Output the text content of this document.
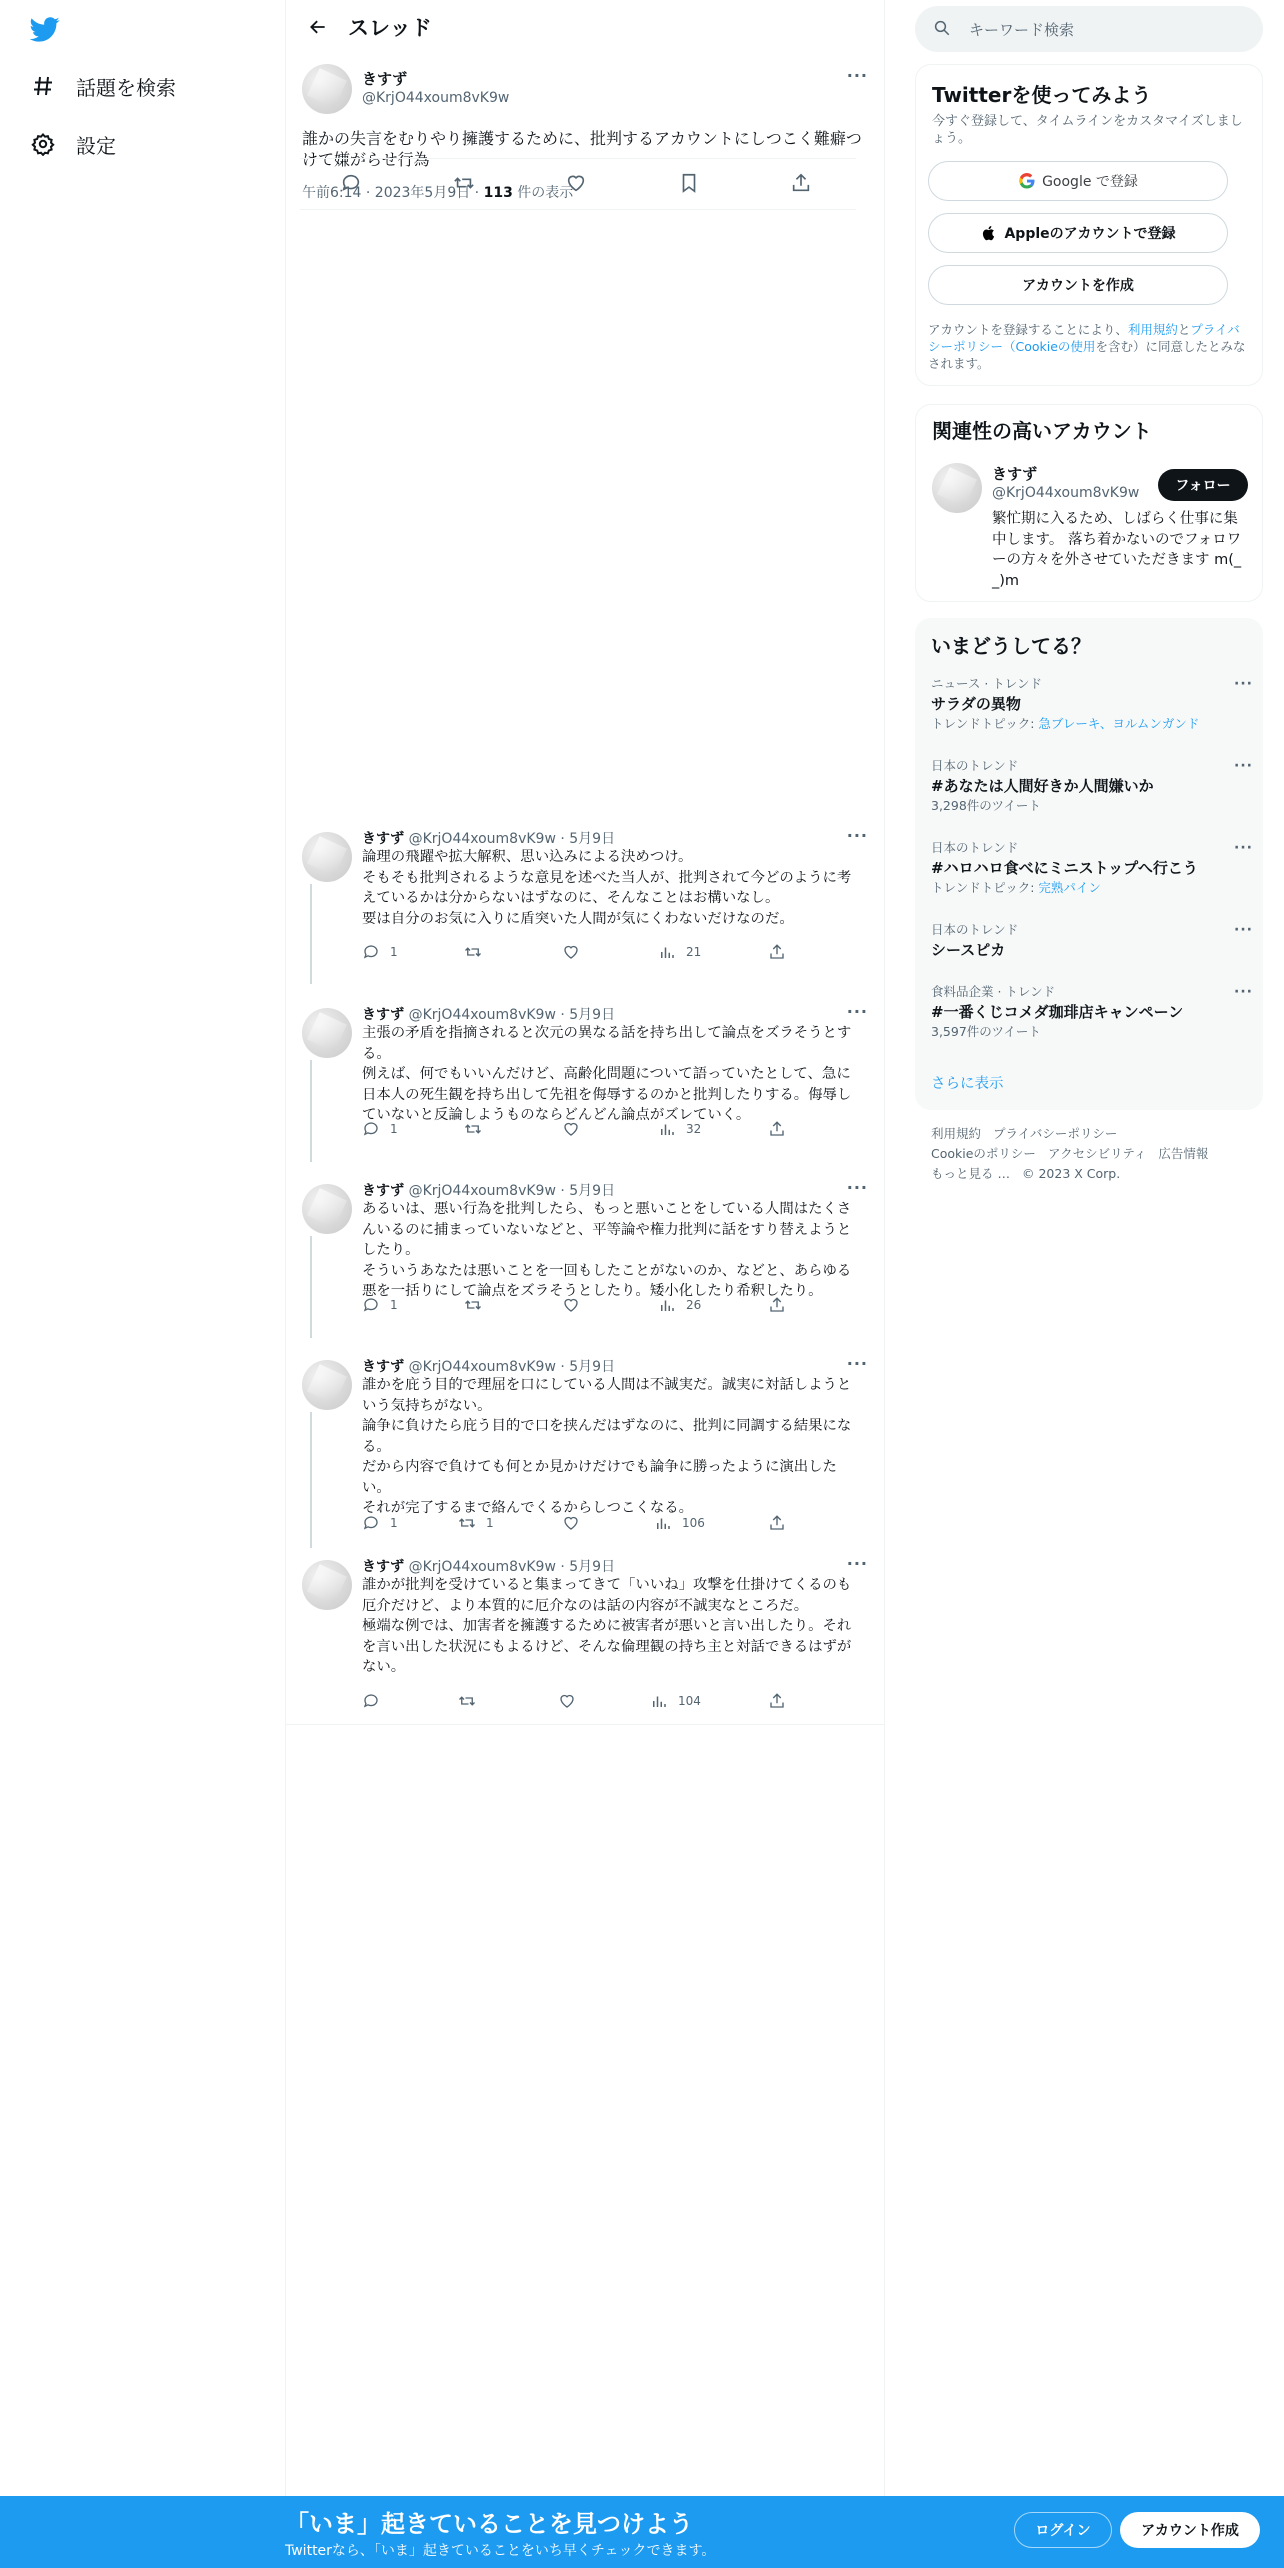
話題を検索
設定
スレッド
きすず
@KrjO44xoum8vK9w
···
誰かの失言をむりやり擁護するために、批判するアカウントにしつこく難癖つけて嫌がらせ行為
午前6:14 · 2023年5月9日 · 113 件の表示
きすず @KrjO44xoum8vK9w · 5月9日	···

論理の飛躍や拡大解釈、思い込みによる決めつけ。

そもそも批判されるような意見を述べた当人が、批判されて今どのように考えているかは分からないはずなのに、そんなことはお構いなし。

要は自分のお気に入りに盾突いた人間が気にくわないだけなのだ。

1	21
きすず @KrjO44xoum8vK9w · 5月9日	···

主張の矛盾を指摘されると次元の異なる話を持ち出して論点をズラそうとする。

例えば、何でもいいんだけど、高齢化問題について語っていたとして、急に日本人の死生観を持ち出して先祖を侮辱するのかと批判したりする。侮辱していないと反論しようものならどんどん論点がズレていく。

1	32
きすず @KrjO44xoum8vK9w · 5月9日	···

あるいは、悪い行為を批判したら、もっと悪いことをしている人間はたくさんいるのに捕まっていないなどと、平等論や権力批判に話をすり替えようとしたり。

そういうあなたは悪いことを一回もしたことがないのか、などと、あらゆる悪を一括りにして論点をズラそうとしたり。矮小化したり希釈したり。

1	26
きすず @KrjO44xoum8vK9w · 5月9日	···

誰かを庇う目的で理屈を口にしている人間は不誠実だ。誠実に対話しようという気持ちがない。

論争に負けたら庇う目的で口を挟んだはずなのに、批判に同調する結果になる。

だから内容で負けても何とか見かけだけでも論争に勝ったように演出したい。

それが完了するまで絡んでくるからしつこくなる。

1	1	106
きすず @KrjO44xoum8vK9w · 5月9日	···

誰かが批判を受けていると集まってきて「いいね」攻撃を仕掛けてくるのも厄介だけど、より本質的に厄介なのは話の内容が不誠実なところだ。

極端な例では、加害者を擁護するために被害者が悪いと言い出したり。それを言い出した状況にもよるけど、そんな倫理観の持ち主と対話できるはずがない。

104
キーワード検索
Twitterを使ってみよう
今すぐ登録して、タイムラインをカスタマイズしましょう。
Google で登録
Appleのアカウントで登録
アカウントを作成
アカウントを登録することにより、利用規約とプライバシーポリシー（Cookieの使用を含む）に同意したとみなされます。
関連性の高いアカウント
きすず
@KrjO44xoum8vK9w	フォロー
繁忙期に入るため、しばらく仕事に集中します。 落ち着かないのでフォロワーの方々を外させていただきます m(_ _)m
いまどうしてる？
ニュース · トレンド
サラダの異物
トレンドトピック: 急ブレーキ、ヨルムンガンド
···
日本のトレンド
#あなたは人間好きか人間嫌いか
3,298件のツイート
···
日本のトレンド
#ハロハロ食べにミニストップへ行こう
トレンドトピック: 完熟パイン
···
日本のトレンド
シースピカ
···
食料品企業 · トレンド
#一番くじコメダ珈琲店キャンペーン
3,597件のツイート
···
さらに表示
利用規約 プライバシーポリシー
Cookieのポリシー アクセシビリティ 広告情報
もっと見る … © 2023 X Corp.
「いま」起きていることを見つけよう
Twitterなら、「いま」起きていることをいち早くチェックできます。
ログイン	アカウント作成
